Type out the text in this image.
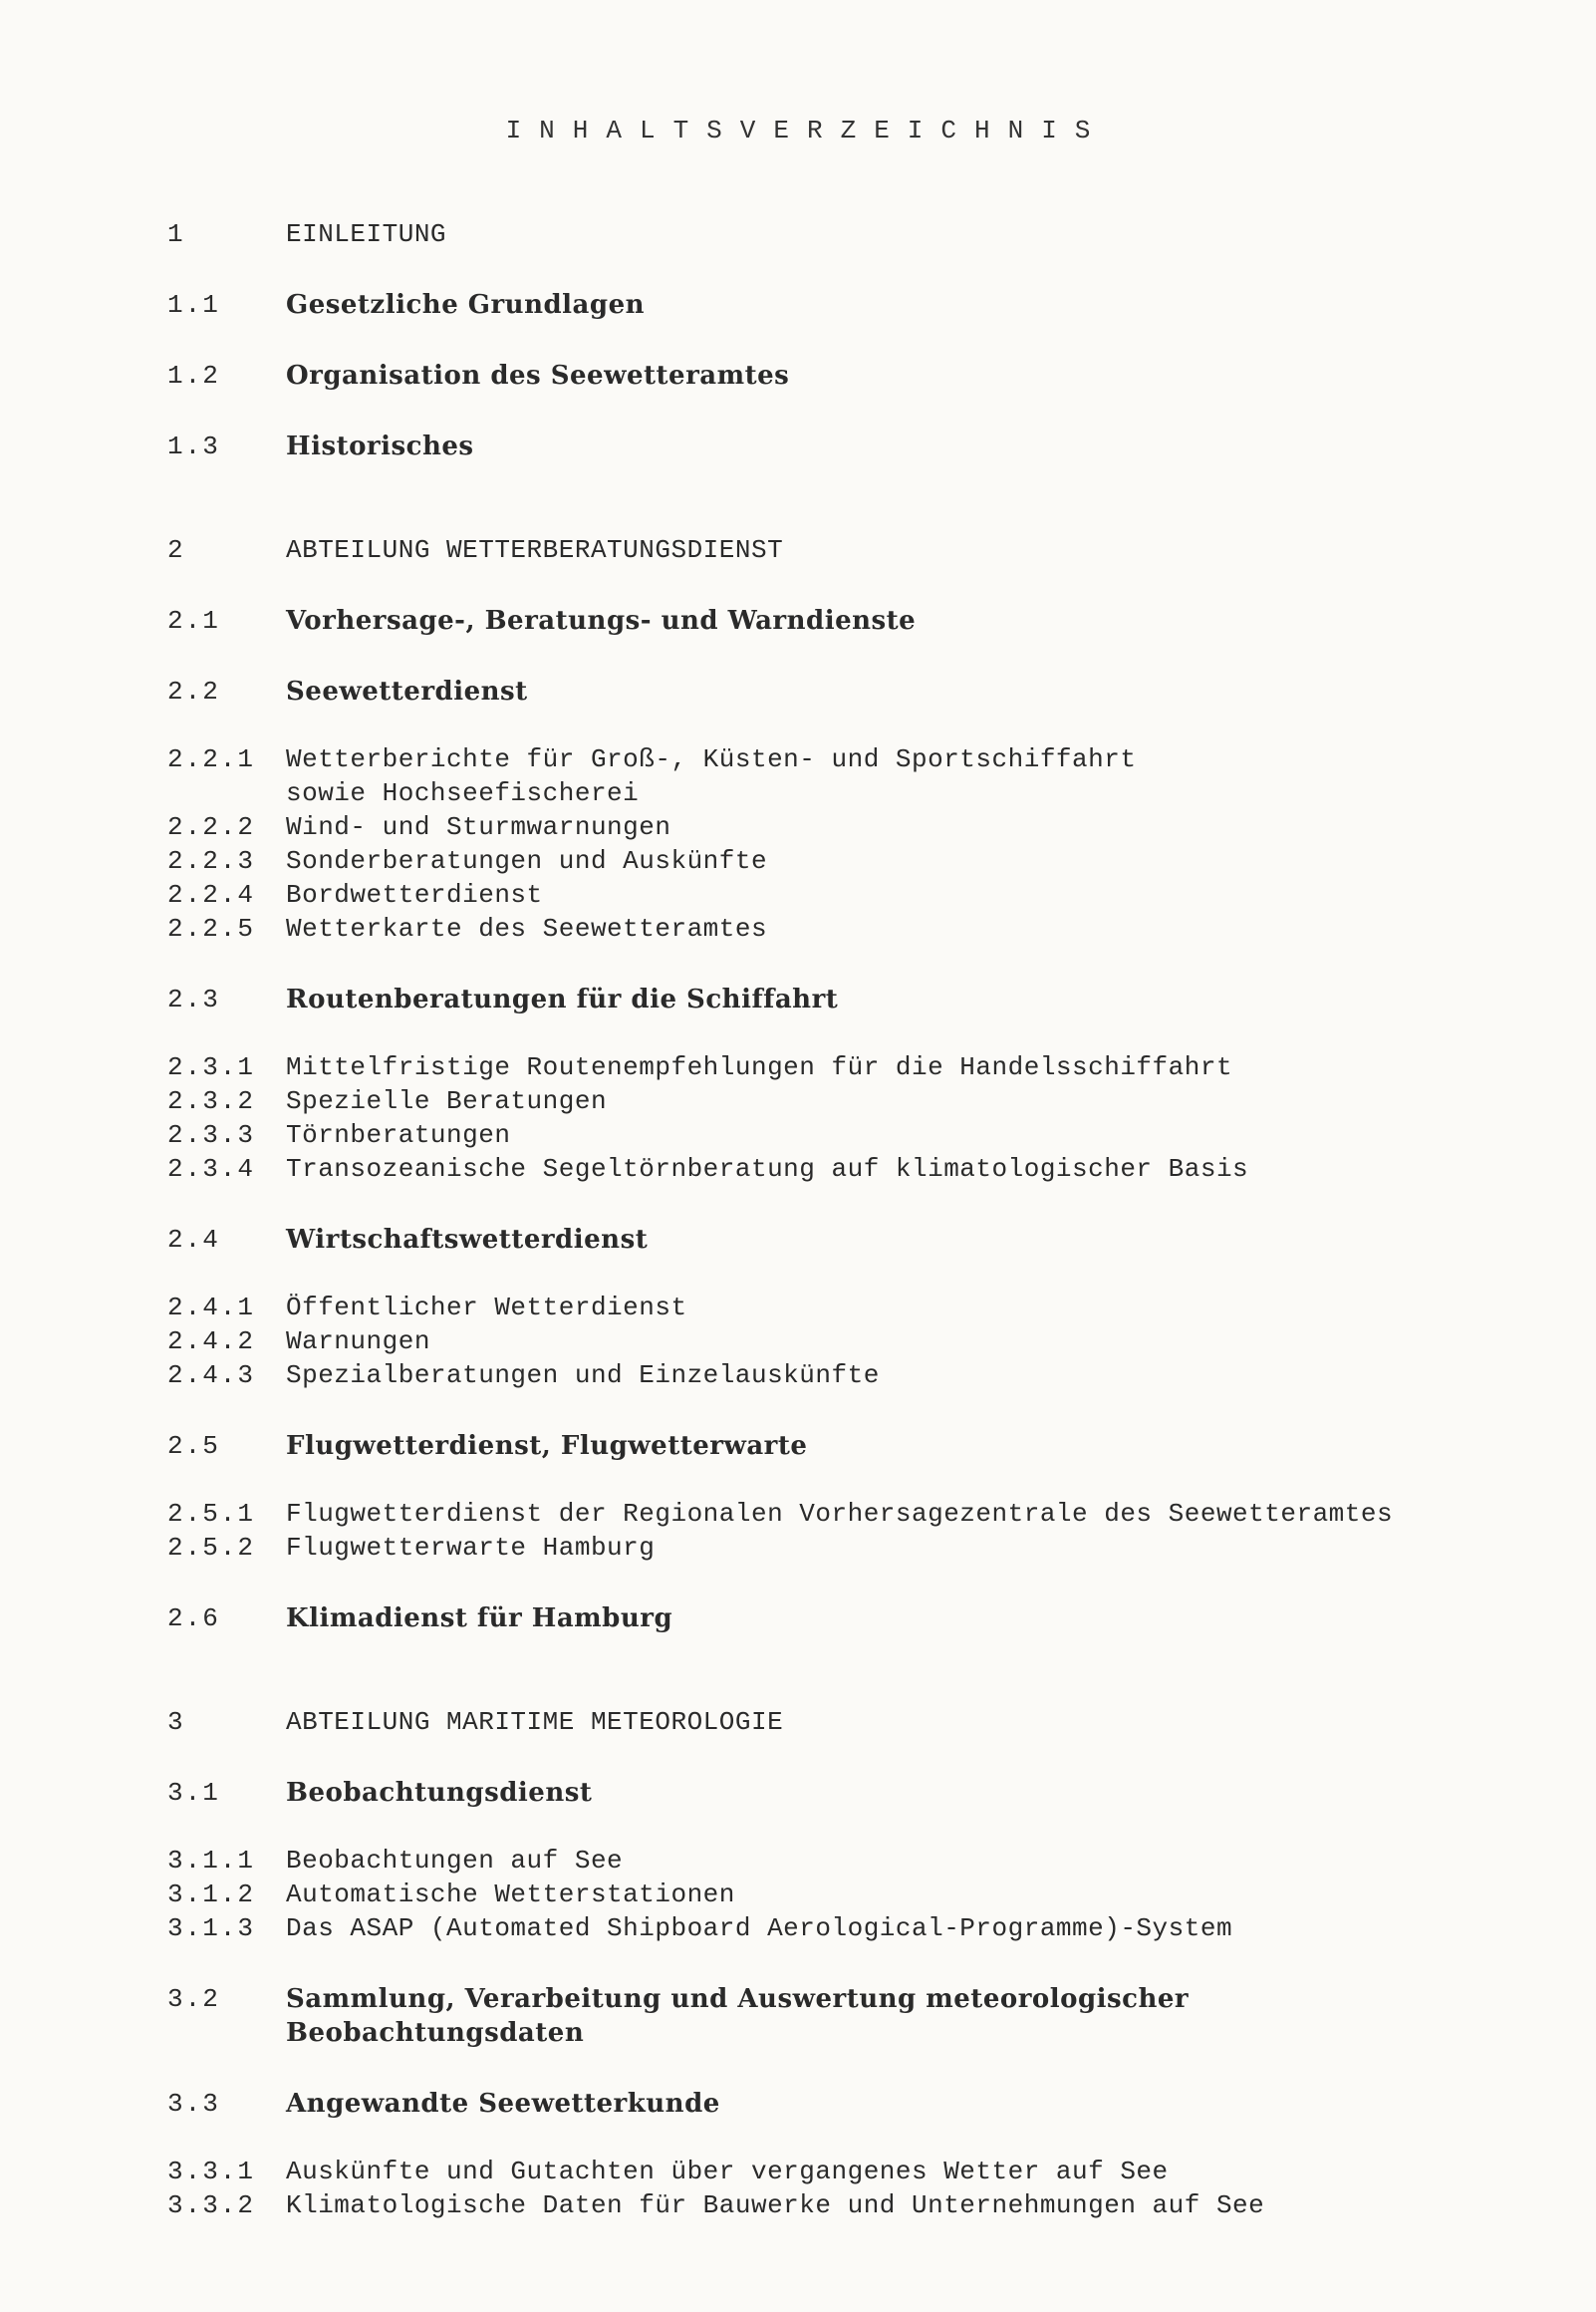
INHALTSVERZEICHNIS
1	EINLEITUNG
1.1	Gesetzliche Grundlagen
1.2	Organisation des Seewetteramtes
1.3	Historisches
2	ABTEILUNG WETTERBERATUNGSDIENST
2.1	Vorhersage-, Beratungs- und Warndienste
2.2	Seewetterdienst
2.2.1	Wetterberichte für Groß-, Küsten- und Sportschiffahrt
sowie Hochseefischerei
2.2.2	Wind- und Sturmwarnungen
2.2.3	Sonderberatungen und Auskünfte
2.2.4	Bordwetterdienst
2.2.5	Wetterkarte des Seewetteramtes
2.3	Routenberatungen für die Schiffahrt
2.3.1	Mittelfristige Routenempfehlungen für die Handelsschiffahrt
2.3.2	Spezielle Beratungen
2.3.3	Törnberatungen
2.3.4	Transozeanische Segeltörnberatung auf klimatologischer Basis
2.4	Wirtschaftswetterdienst
2.4.1	Öffentlicher Wetterdienst
2.4.2	Warnungen
2.4.3	Spezialberatungen und Einzelauskünfte
2.5	Flugwetterdienst, Flugwetterwarte
2.5.1	Flugwetterdienst der Regionalen Vorhersagezentrale des Seewetteramtes
2.5.2	Flugwetterwarte Hamburg
2.6	Klimadienst für Hamburg
3	ABTEILUNG MARITIME METEOROLOGIE
3.1	Beobachtungsdienst
3.1.1	Beobachtungen auf See
3.1.2	Automatische Wetterstationen
3.1.3	Das ASAP (Automated Shipboard Aerological-Programme)-System
3.2	Sammlung, Verarbeitung und Auswertung meteorologischer
Beobachtungsdaten
3.3	Angewandte Seewetterkunde
3.3.1	Auskünfte und Gutachten über vergangenes Wetter auf See
3.3.2	Klimatologische Daten für Bauwerke und Unternehmungen auf See
